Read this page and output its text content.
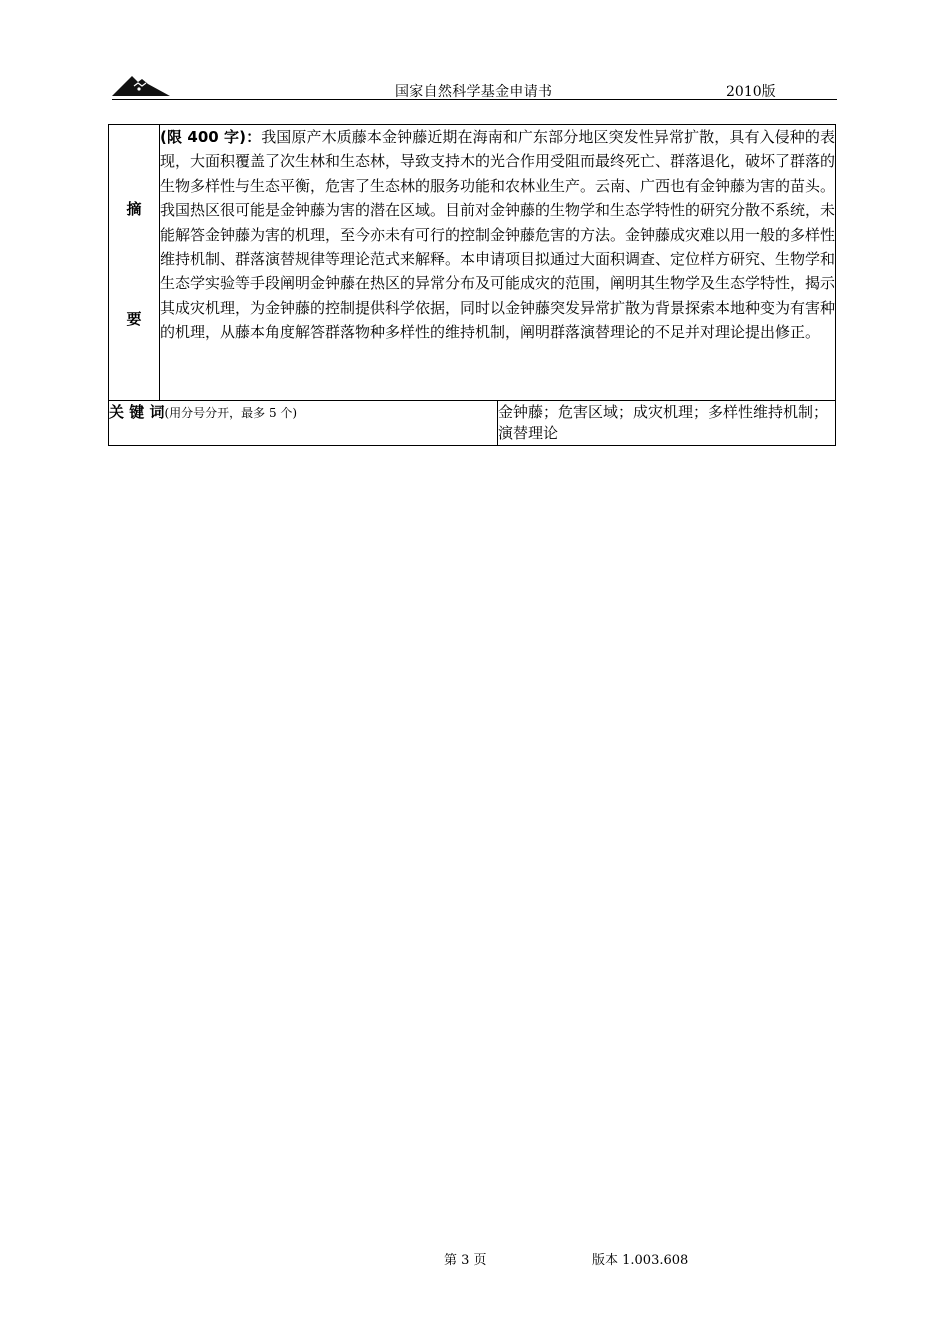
国家自然科学基金申请书	2010版
摘
要	(限 400 字)：我国原产木质藤本金钟藤近期在海南和广东部分地区突发性异常扩散，具有入侵种的表现，大面积覆盖了次生林和生态林，导致支持木的光合作用受阻而最终死亡、群落退化，破坏了群落的生物多样性与生态平衡，危害了生态林的服务功能和农林业生产。云南、广西也有金钟藤为害的苗头。我国热区很可能是金钟藤为害的潜在区域。目前对金钟藤的生物学和生态学特性的研究分散不系统，未能解答金钟藤为害的机理，至今亦未有可行的控制金钟藤危害的方法。金钟藤成灾难以用一般的多样性维持机制、群落演替规律等理论范式来解释。本申请项目拟通过大面积调查、定位样方研究、生物学和生态学实验等手段阐明金钟藤在热区的异常分布及可能成灾的范围，阐明其生物学及生态学特性，揭示其成灾机理，为金钟藤的控制提供科学依据，同时以金钟藤突发异常扩散为背景探索本地种变为有害种的机理，从藤本角度解答群落物种多样性的维持机制，阐明群落演替理论的不足并对理论提出修正。	
关 键 词(用分号分开，最多 5 个)		金钟藤；危害区域；成灾机理；多样性维持机制；演替理论
第 3 页	版本 1.003.608
